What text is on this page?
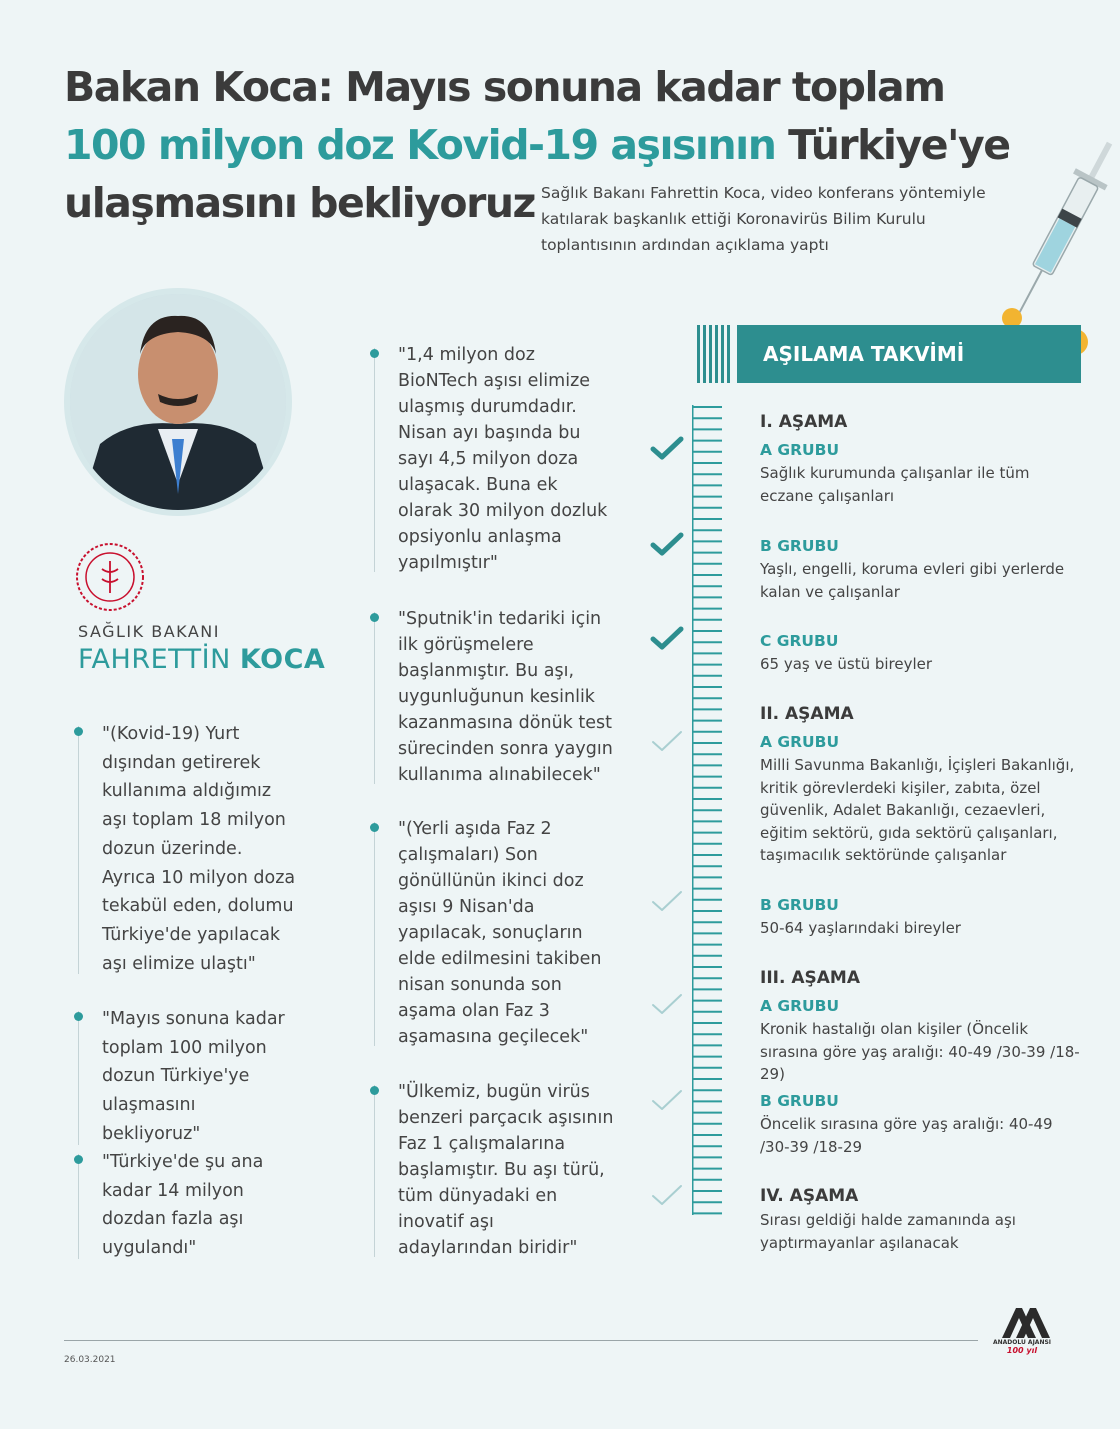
Bakan Koca: Mayıs sonuna kadar toplam
100 milyon doz Kovid-19 aşısının Türkiye'ye
ulaşmasını bekliyoruz Sağlık Bakanı Fahrettin Koca, video konferans yöntemiyle katılarak başkanlık ettiği Koronavirüs Bilim Kurulu toplantısının ardından açıklama yaptı
SAĞLIK BAKANI
FAHRETTİN KOCA
"(Kovid-19) Yurt dışından getirerek kullanıma aldığımız aşı toplam 18 milyon dozun üzerinde. Ayrıca 10 milyon doza tekabül eden, dolumu Türkiye'de yapılacak aşı elimize ulaştı"
"Mayıs sonuna kadar toplam 100 milyon dozun Türkiye'ye ulaşmasını bekliyoruz"
"Türkiye'de şu ana kadar 14 milyon dozdan fazla aşı uygulandı"
"1,4 milyon doz BioNTech aşısı elimize ulaşmış durumdadır. Nisan ayı başında bu sayı 4,5 milyon doza ulaşacak. Buna ek olarak 30 milyon dozluk opsiyonlu anlaşma yapılmıştır"
"Sputnik'in tedariki için ilk görüşmelere başlanmıştır. Bu aşı, uygunluğunun kesinlik kazanmasına dönük test sürecinden sonra yaygın kullanıma alınabilecek"
"(Yerli aşıda Faz 2 çalışmaları) Son gönüllünün ikinci doz aşısı 9 Nisan'da yapılacak, sonuçların elde edilmesini takiben nisan sonunda son aşama olan Faz 3 aşamasına geçilecek"
"Ülkemiz, bugün virüs benzeri parçacık aşısının Faz 1 çalışmalarına başlamıştır. Bu aşı türü, tüm dünyadaki en inovatif aşı adaylarından biridir"
AŞILAMA TAKVİMİ
I. AŞAMA
A GRUBU
Sağlık kurumunda çalışanlar ile tüm eczane çalışanları
B GRUBU
Yaşlı, engelli, koruma evleri gibi yerlerde kalan ve çalışanlar
C GRUBU
65 yaş ve üstü bireyler
II. AŞAMA
A GRUBU
Milli Savunma Bakanlığı, İçişleri Bakanlığı, kritik görevlerdeki kişiler, zabıta, özel güvenlik, Adalet Bakanlığı, cezaevleri, eğitim sektörü, gıda sektörü çalışanları, taşımacılık sektöründe çalışanlar
B GRUBU
50-64 yaşlarındaki bireyler
III. AŞAMA
A GRUBU
Kronik hastalığı olan kişiler (Öncelik sırasına göre yaş aralığı: 40-49 /30-39 /18-29)
B GRUBU
Öncelik sırasına göre yaş aralığı: 40-49 /30-39 /18-29
IV. AŞAMA
Sırası geldiği halde zamanında aşı yaptırmayanlar aşılanacak
26.03.2021
ANADOLU AJANSI
100 yıl
